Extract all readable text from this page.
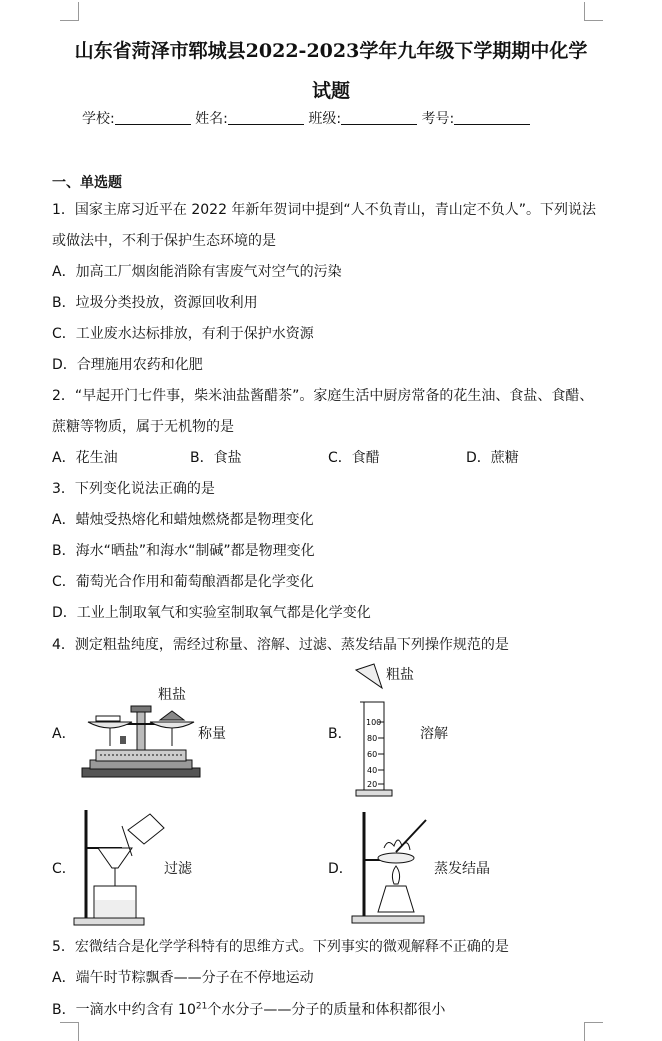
山东省菏泽市郓城县2022-2023学年九年级下学期期中化学
试题
学校:	姓名:	班级:	考号:
一、单选题
1．国家主席习近平在 2022 年新年贺词中提到“人不负青山，青山定不负人”。下列说法
或做法中，不利于保护生态环境的是
A．加高工厂烟囱能消除有害废气对空气的污染
B．垃圾分类投放，资源回收利用
C．工业废水达标排放，有利于保护水资源
D．合理施用农药和化肥
2．“早起开门七件事，柴米油盐酱醋茶”。家庭生活中厨房常备的花生油、食盐、食醋、
蔗糖等物质，属于无机物的是
A．花生油	B．食盐	C．食醋	D．蔗糖
3．下列变化说法正确的是
A．蜡烛受热熔化和蜡烛燃烧都是物理变化
B．海水“晒盐”和海水“制碱”都是物理变化
C．葡萄光合作用和葡萄酿酒都是化学变化
D．工业上制取氧气和实验室制取氧气都是化学变化
4．测定粗盐纯度，需经过称量、溶解、过滤、蒸发结晶下列操作规范的是
A．
粗盐
称量	B．
粗盐
溶解
100
80
60
40
20
C．	过滤	D．	蒸发结晶
5．宏微结合是化学学科特有的思维方式。下列事实的微观解释不正确的是
A．端午时节粽飘香——分子在不停地运动
B．一滴水中约含有 $10^{21}$个水分子——分子的质量和体积都很小
